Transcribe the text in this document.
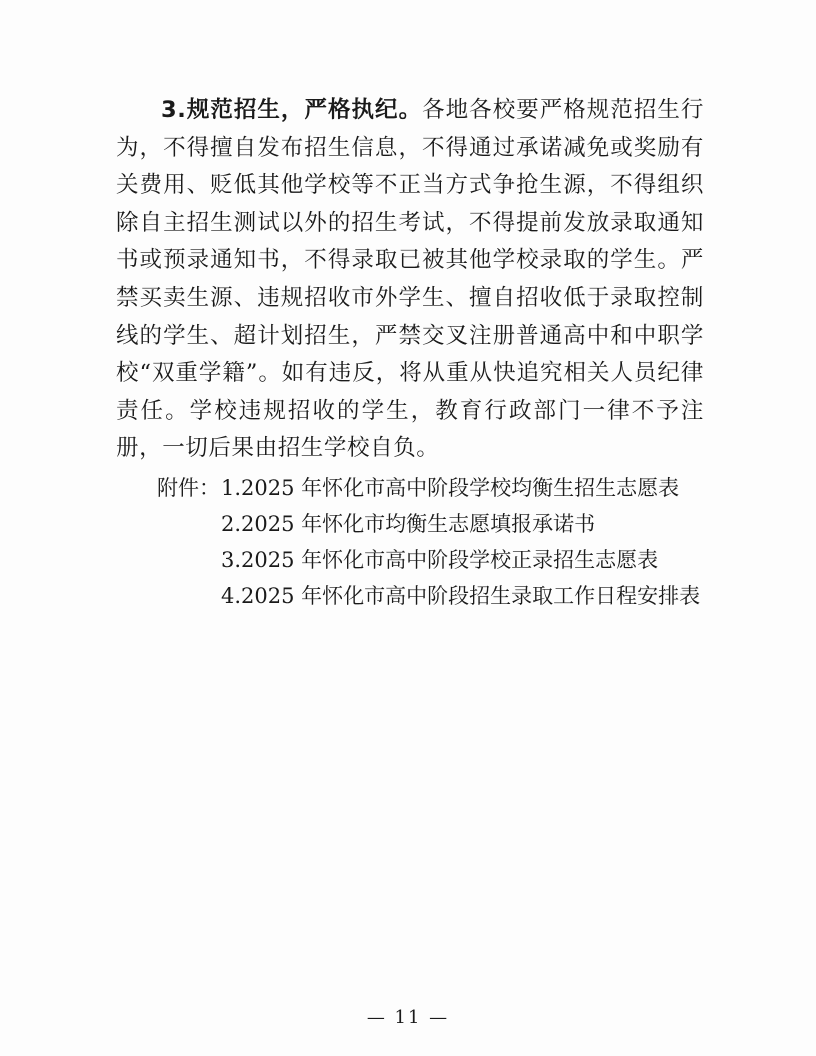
3.规范招生，严格执纪。各地各校要严格规范招生行为，不得擅自发布招生信息，不得通过承诺减免或奖励有关费用、贬低其他学校等不正当方式争抢生源，不得组织除自主招生测试以外的招生考试，不得提前发放录取通知书或预录通知书，不得录取已被其他学校录取的学生。严禁买卖生源、违规招收市外学生、擅自招收低于录取控制线的学生、超计划招生，严禁交叉注册普通高中和中职学校“双重学籍”。如有违反，将从重从快追究相关人员纪律责任。学校违规招收的学生，教育行政部门一律不予注册，一切后果由招生学校自负。

附件： 1.2025 年怀化市高中阶段学校均衡生招生志愿表
2.2025 年怀化市均衡生志愿填报承诺书
3.2025 年怀化市高中阶段学校正录招生志愿表
4.2025 年怀化市高中阶段招生录取工作日程安排表
— 11 —
